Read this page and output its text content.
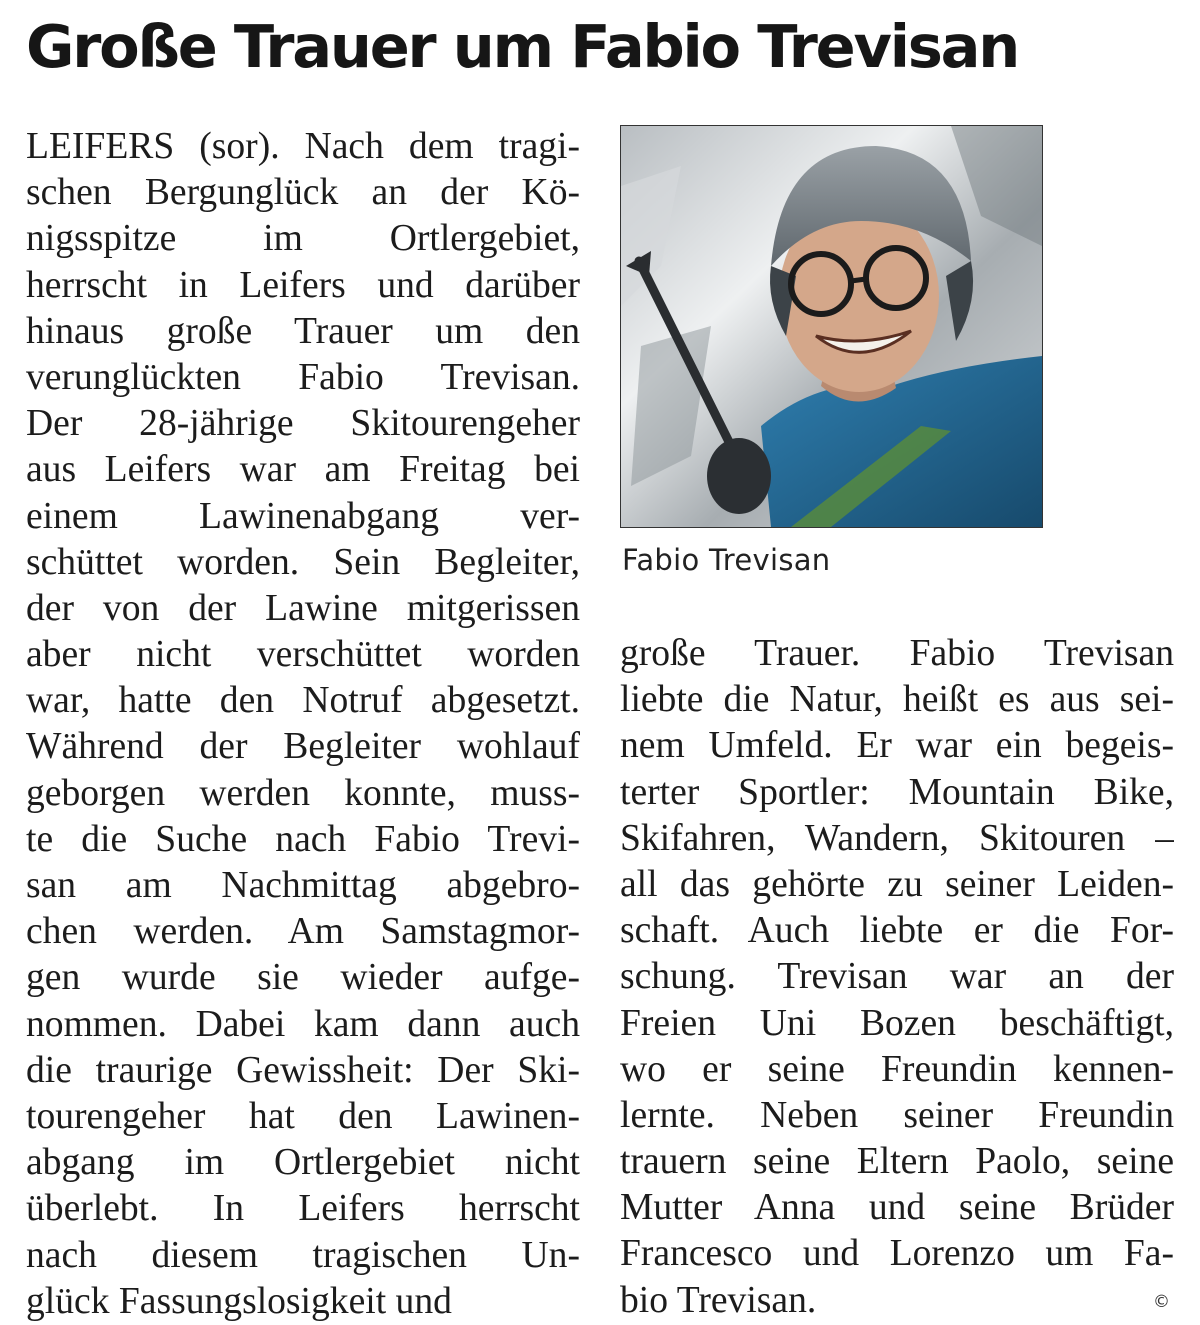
Große Trauer um Fabio Trevisan
LEIFERS (sor). Nach dem tragi-
schen Bergunglück an der Kö-
nigsspitze im Ortlergebiet,
herrscht in Leifers und darüber
hinaus große Trauer um den
verunglückten Fabio Trevisan.
Der 28-jährige Skitourengeher
aus Leifers war am Freitag bei
einem Lawinenabgang ver-
schüttet worden. Sein Begleiter,
der von der Lawine mitgerissen
aber nicht verschüttet worden
war, hatte den Notruf abgesetzt.
Während der Begleiter wohlauf
geborgen werden konnte, muss-
te die Suche nach Fabio Trevi-
san am Nachmittag abgebro-
chen werden. Am Samstagmor-
gen wurde sie wieder aufge-
nommen. Dabei kam dann auch
die traurige Gewissheit: Der Ski-
tourengeher hat den Lawinen-
abgang im Ortlergebiet nicht
überlebt. In Leifers herrscht
nach diesem tragischen Un-
glück Fassungslosigkeit und
Fabio Trevisan
große Trauer. Fabio Trevisan
liebte die Natur, heißt es aus sei-
nem Umfeld. Er war ein begeis-
terter Sportler: Mountain Bike,
Skifahren, Wandern, Skitouren –
all das gehörte zu seiner Leiden-
schaft. Auch liebte er die For-
schung. Trevisan war an der
Freien Uni Bozen beschäftigt,
wo er seine Freundin kennen-
lernte. Neben seiner Freundin
trauern seine Eltern Paolo, seine
Mutter Anna und seine Brüder
Francesco und Lorenzo um Fa-
bio Trevisan.	©
